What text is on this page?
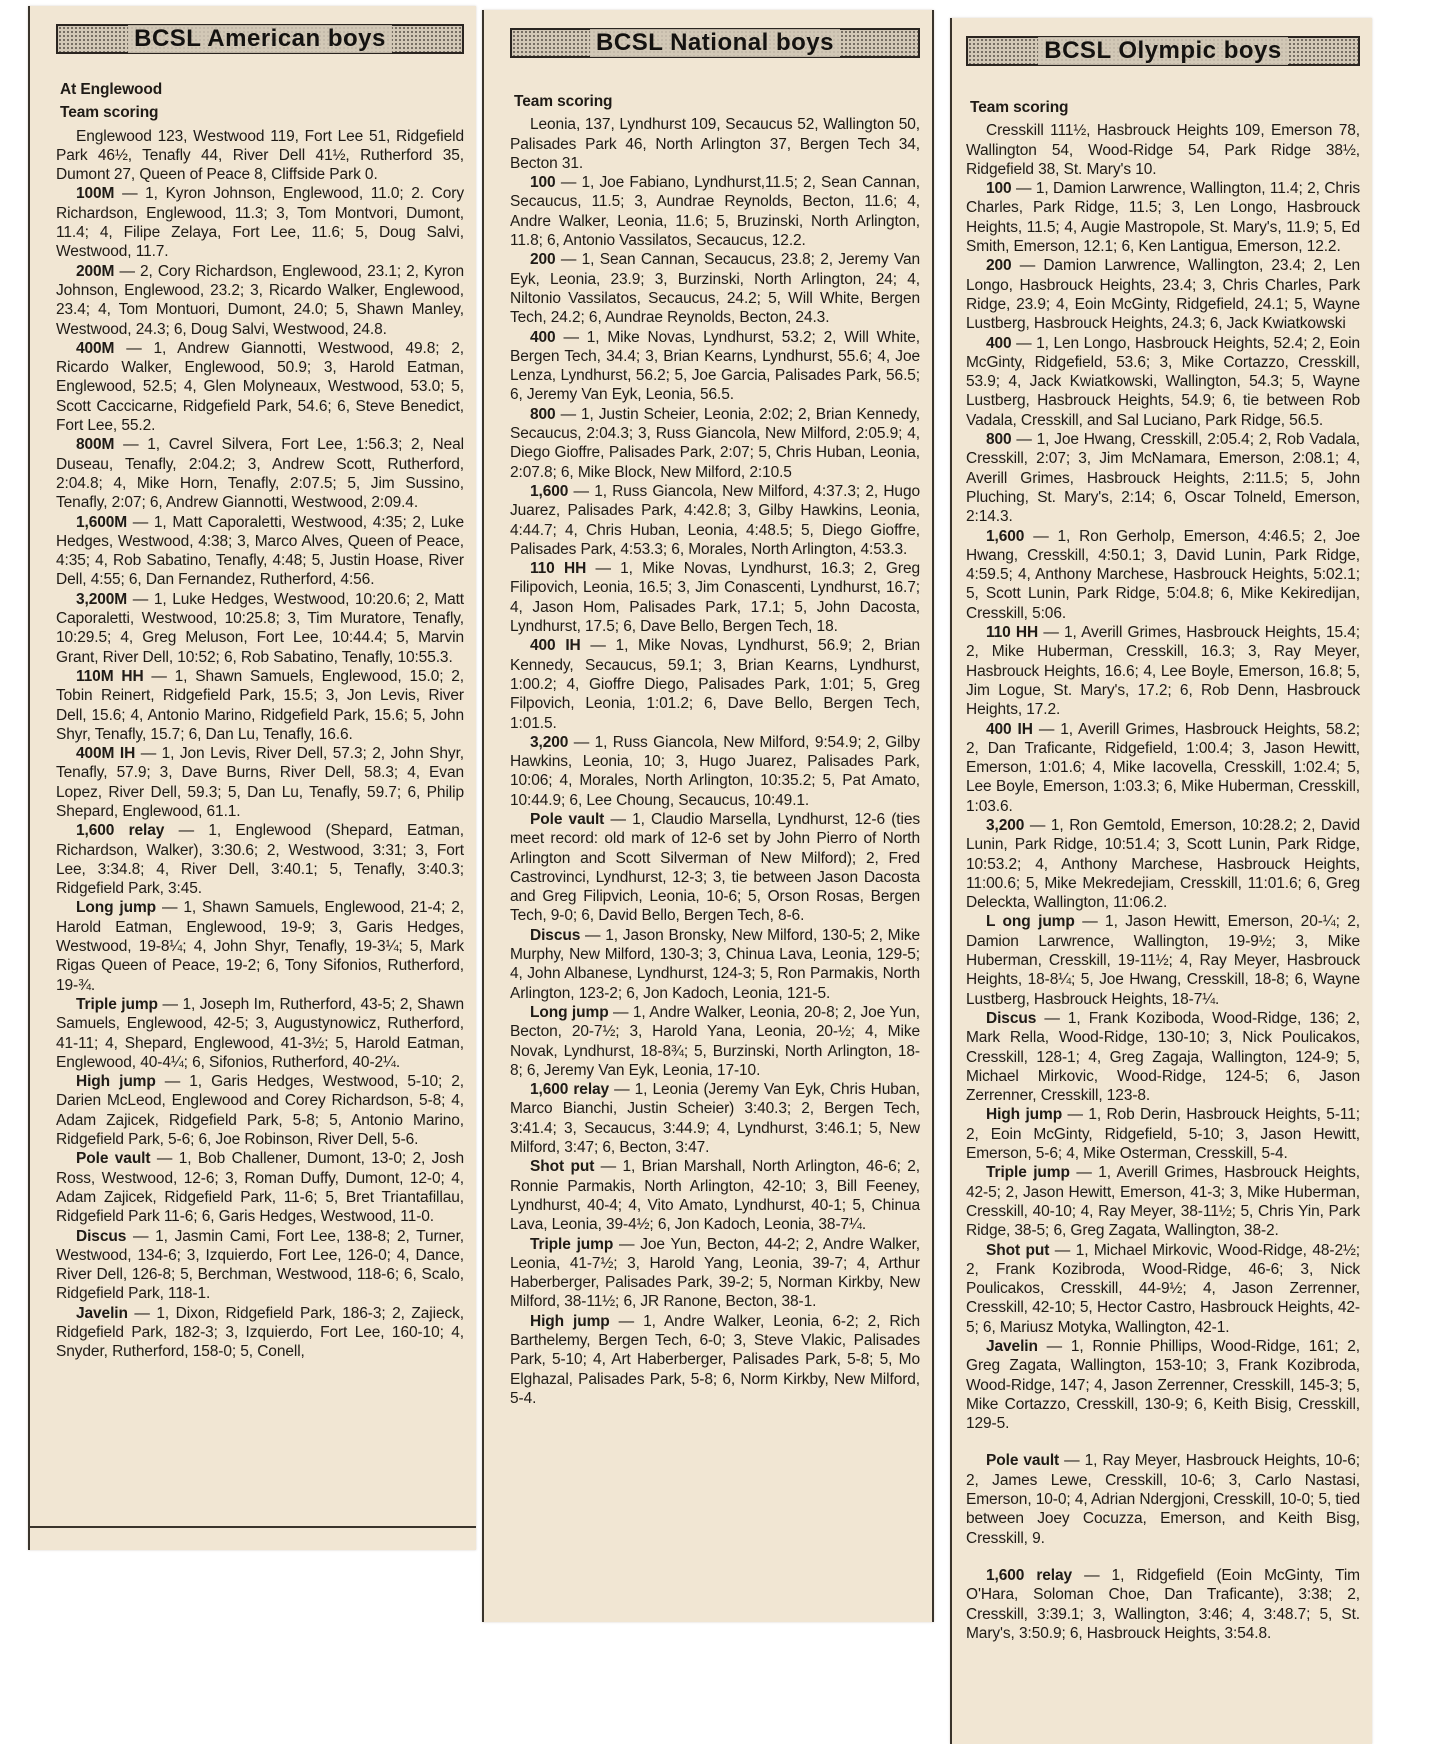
BCSL American boys
At Englewood
Team scoring

Englewood 123, Westwood 119, Fort Lee 51, Ridgefield Park 46½, Tenafly 44, River Dell 41½, Rutherford 35, Dumont 27, Queen of Peace 8, Cliffside Park 0.

100M — 1, Kyron Johnson, Englewood, 11.0; 2. Cory Richardson, Englewood, 11.3; 3, Tom Montvori, Dumont, 11.4; 4, Filipe Zelaya, Fort Lee, 11.6; 5, Doug Salvi, Westwood, 11.7.

200M — 2, Cory Richardson, Englewood, 23.1; 2, Kyron Johnson, Englewood, 23.2; 3, Ricardo Walker, Englewood, 23.4; 4, Tom Montuori, Dumont, 24.0; 5, Shawn Manley, Westwood, 24.3; 6, Doug Salvi, Westwood, 24.8.

400M — 1, Andrew Giannotti, Westwood, 49.8; 2, Ricardo Walker, Englewood, 50.9; 3, Harold Eatman, Englewood, 52.5; 4, Glen Molyneaux, Westwood, 53.0; 5, Scott Caccicarne, Ridgefield Park, 54.6; 6, Steve Benedict, Fort Lee, 55.2.

800M — 1, Cavrel Silvera, Fort Lee, 1:56.3; 2, Neal Duseau, Tenafly, 2:04.2; 3, Andrew Scott, Rutherford, 2:04.8; 4, Mike Horn, Tenafly, 2:07.5; 5, Jim Sussino, Tenafly, 2:07; 6, Andrew Giannotti, Westwood, 2:09.4.

1,600M — 1, Matt Caporaletti, Westwood, 4:35; 2, Luke Hedges, Westwood, 4:38; 3, Marco Alves, Queen of Peace, 4:35; 4, Rob Sabatino, Tenafly, 4:48; 5, Justin Hoase, River Dell, 4:55; 6, Dan Fernandez, Rutherford, 4:56.

3,200M — 1, Luke Hedges, Westwood, 10:20.6; 2, Matt Caporaletti, Westwood, 10:25.8; 3, Tim Muratore, Tenafly, 10:29.5; 4, Greg Meluson, Fort Lee, 10:44.4; 5, Marvin Grant, River Dell, 10:52; 6, Rob Sabatino, Tenafly, 10:55.3.

110M HH — 1, Shawn Samuels, Englewood, 15.0; 2, Tobin Reinert, Ridgefield Park, 15.5; 3, Jon Levis, River Dell, 15.6; 4, Antonio Marino, Ridgefield Park, 15.6; 5, John Shyr, Tenafly, 15.7; 6, Dan Lu, Tenafly, 16.6.

400M IH — 1, Jon Levis, River Dell, 57.3; 2, John Shyr, Tenafly, 57.9; 3, Dave Burns, River Dell, 58.3; 4, Evan Lopez, River Dell, 59.3; 5, Dan Lu, Tenafly, 59.7; 6, Philip Shepard, Englewood, 61.1.

1,600 relay — 1, Englewood (Shepard, Eatman, Richardson, Walker), 3:30.6; 2, Westwood, 3:31; 3, Fort Lee, 3:34.8; 4, River Dell, 3:40.1; 5, Tenafly, 3:40.3; Ridgefield Park, 3:45.

Long jump — 1, Shawn Samuels, Englewood, 21-4; 2, Harold Eatman, Englewood, 19-9; 3, Garis Hedges, Westwood, 19-8¼; 4, John Shyr, Tenafly, 19-3¼; 5, Mark Rigas Queen of Peace, 19-2; 6, Tony Sifonios, Rutherford, 19-¾.

Triple jump — 1, Joseph Im, Rutherford, 43-5; 2, Shawn Samuels, Englewood, 42-5; 3, Augustynowicz, Rutherford, 41-11; 4, Shepard, Englewood, 41-3½; 5, Harold Eatman, Englewood, 40-4¼; 6, Sifonios, Rutherford, 40-2¼.

High jump — 1, Garis Hedges, Westwood, 5-10; 2, Darien McLeod, Englewood and Corey Richardson, 5-8; 4, Adam Zajicek, Ridgefield Park, 5-8; 5, Antonio Marino, Ridgefield Park, 5-6; 6, Joe Robinson, River Dell, 5-6.

Pole vault — 1, Bob Challener, Dumont, 13-0; 2, Josh Ross, Westwood, 12-6; 3, Roman Duffy, Dumont, 12-0; 4, Adam Zajicek, Ridgefield Park, 11-6; 5, Bret Triantafillau, Ridgefield Park 11-6; 6, Garis Hedges, Westwood, 11-0.

Discus — 1, Jasmin Cami, Fort Lee, 138-8; 2, Turner, Westwood, 134-6; 3, Izquierdo, Fort Lee, 126-0; 4, Dance, River Dell, 126-8; 5, Berchman, Westwood, 118-6; 6, Scalo, Ridgefield Park, 118-1.

Javelin — 1, Dixon, Ridgefield Park, 186-3; 2, Zajieck, Ridgefield Park, 182-3; 3, Izquierdo, Fort Lee, 160-10; 4, Snyder, Rutherford, 158-0; 5, Conell,

BCSL National boys
Team scoring

Leonia, 137, Lyndhurst 109, Secaucus 52, Wallington 50, Palisades Park 46, North Arlington 37, Bergen Tech 34, Becton 31.

100 — 1, Joe Fabiano, Lyndhurst,11.5; 2, Sean Cannan, Secaucus, 11.5; 3, Aundrae Reynolds, Becton, 11.6; 4, Andre Walker, Leonia, 11.6; 5, Bruzinski, North Arlington, 11.8; 6, Antonio Vassilatos, Secaucus, 12.2.

200 — 1, Sean Cannan, Secaucus, 23.8; 2, Jeremy Van Eyk, Leonia, 23.9; 3, Burzinski, North Arlington, 24; 4, Niltonio Vassilatos, Secaucus, 24.2; 5, Will White, Bergen Tech, 24.2; 6, Aundrae Reynolds, Becton, 24.3.

400 — 1, Mike Novas, Lyndhurst, 53.2; 2, Will White, Bergen Tech, 34.4; 3, Brian Kearns, Lyndhurst, 55.6; 4, Joe Lenza, Lyndhurst, 56.2; 5, Joe Garcia, Palisades Park, 56.5; 6, Jeremy Van Eyk, Leonia, 56.5.

800 — 1, Justin Scheier, Leonia, 2:02; 2, Brian Kennedy, Secaucus, 2:04.3; 3, Russ Giancola, New Milford, 2:05.9; 4, Diego Gioffre, Palisades Park, 2:07; 5, Chris Huban, Leonia, 2:07.8; 6, Mike Block, New Milford, 2:10.5

1,600 — 1, Russ Giancola, New Milford, 4:37.3; 2, Hugo Juarez, Palisades Park, 4:42.8; 3, Gilby Hawkins, Leonia, 4:44.7; 4, Chris Huban, Leonia, 4:48.5; 5, Diego Gioffre, Palisades Park, 4:53.3; 6, Morales, North Arlington, 4:53.3.

110 HH — 1, Mike Novas, Lyndhurst, 16.3; 2, Greg Filipovich, Leonia, 16.5; 3, Jim Conascenti, Lyndhurst, 16.7; 4, Jason Hom, Palisades Park, 17.1; 5, John Dacosta, Lyndhurst, 17.5; 6, Dave Bello, Bergen Tech, 18.

400 IH — 1, Mike Novas, Lyndhurst, 56.9; 2, Brian Kennedy, Secaucus, 59.1; 3, Brian Kearns, Lyndhurst, 1:00.2; 4, Gioffre Diego, Palisades Park, 1:01; 5, Greg Filpovich, Leonia, 1:01.2; 6, Dave Bello, Bergen Tech, 1:01.5.

3,200 — 1, Russ Giancola, New Milford, 9:54.9; 2, Gilby Hawkins, Leonia, 10; 3, Hugo Juarez, Palisades Park, 10:06; 4, Morales, North Arlington, 10:35.2; 5, Pat Amato, 10:44.9; 6, Lee Choung, Secaucus, 10:49.1.

Pole vault — 1, Claudio Marsella, Lyndhurst, 12-6 (ties meet record: old mark of 12-6 set by John Pierro of North Arlington and Scott Silverman of New Milford); 2, Fred Castrovinci, Lyndhurst, 12-3; 3, tie between Jason Dacosta and Greg Filipvich, Leonia, 10-6; 5, Orson Rosas, Bergen Tech, 9-0; 6, David Bello, Bergen Tech, 8-6.

Discus — 1, Jason Bronsky, New Milford, 130-5; 2, Mike Murphy, New Milford, 130-3; 3, Chinua Lava, Leonia, 129-5; 4, John Albanese, Lyndhurst, 124-3; 5, Ron Parmakis, North Arlington, 123-2; 6, Jon Kadoch, Leonia, 121-5.

Long jump — 1, Andre Walker, Leonia, 20-8; 2, Joe Yun, Becton, 20-7½; 3, Harold Yana, Leonia, 20-½; 4, Mike Novak, Lyndhurst, 18-8¾; 5, Burzinski, North Arlington, 18-8; 6, Jeremy Van Eyk, Leonia, 17-10.

1,600 relay — 1, Leonia (Jeremy Van Eyk, Chris Huban, Marco Bianchi, Justin Scheier) 3:40.3; 2, Bergen Tech, 3:41.4; 3, Secaucus, 3:44.9; 4, Lyndhurst, 3:46.1; 5, New Milford, 3:47; 6, Becton, 3:47.

Shot put — 1, Brian Marshall, North Arlington, 46-6; 2, Ronnie Parmakis, North Arlington, 42-10; 3, Bill Feeney, Lyndhurst, 40-4; 4, Vito Amato, Lyndhurst, 40-1; 5, Chinua Lava, Leonia, 39-4½; 6, Jon Kadoch, Leonia, 38-7¼.

Triple jump — Joe Yun, Becton, 44-2; 2, Andre Walker, Leonia, 41-7½; 3, Harold Yang, Leonia, 39-7; 4, Arthur Haberberger, Palisades Park, 39-2; 5, Norman Kirkby, New Milford, 38-11½; 6, JR Ranone, Becton, 38-1.

High jump — 1, Andre Walker, Leonia, 6-2; 2, Rich Barthelemy, Bergen Tech, 6-0; 3, Steve Vlakic, Palisades Park, 5-10; 4, Art Haberberger, Palisades Park, 5-8; 5, Mo Elghazal, Palisades Park, 5-8; 6, Norm Kirkby, New Milford, 5-4.

BCSL Olympic boys
Team scoring

Cresskill 111½, Hasbrouck Heights 109, Emerson 78, Wallington 54, Wood-Ridge 54, Park Ridge 38½, Ridgefield 38, St. Mary's 10.

100 — 1, Damion Larwrence, Wallington, 11.4; 2, Chris Charles, Park Ridge, 11.5; 3, Len Longo, Hasbrouck Heights, 11.5; 4, Augie Mastropole, St. Mary's, 11.9; 5, Ed Smith, Emerson, 12.1; 6, Ken Lantigua, Emerson, 12.2.

200 — Damion Larwrence, Wallington, 23.4; 2, Len Longo, Hasbrouck Heights, 23.4; 3, Chris Charles, Park Ridge, 23.9; 4, Eoin McGinty, Ridgefield, 24.1; 5, Wayne Lustberg, Hasbrouck Heights, 24.3; 6, Jack Kwiatkowski

400 — 1, Len Longo, Hasbrouck Heights, 52.4; 2, Eoin McGinty, Ridgefield, 53.6; 3, Mike Cortazzo, Cresskill, 53.9; 4, Jack Kwiatkowski, Wallington, 54.3; 5, Wayne Lustberg, Hasbrouck Heights, 54.9; 6, tie between Rob Vadala, Cresskill, and Sal Luciano, Park Ridge, 56.5.

800 — 1, Joe Hwang, Cresskill, 2:05.4; 2, Rob Vadala, Cresskill, 2:07; 3, Jim McNamara, Emerson, 2:08.1; 4, Averill Grimes, Hasbrouck Heights, 2:11.5; 5, John Pluching, St. Mary's, 2:14; 6, Oscar Tolneld, Emerson, 2:14.3.

1,600 — 1, Ron Gerholp, Emerson, 4:46.5; 2, Joe Hwang, Cresskill, 4:50.1; 3, David Lunin, Park Ridge, 4:59.5; 4, Anthony Marchese, Hasbrouck Heights, 5:02.1; 5, Scott Lunin, Park Ridge, 5:04.8; 6, Mike Kekiredijan, Cresskill, 5:06.

110 HH — 1, Averill Grimes, Hasbrouck Heights, 15.4; 2, Mike Huberman, Cresskill, 16.3; 3, Ray Meyer, Hasbrouck Heights, 16.6; 4, Lee Boyle, Emerson, 16.8; 5, Jim Logue, St. Mary's, 17.2; 6, Rob Denn, Hasbrouck Heights, 17.2.

400 IH — 1, Averill Grimes, Hasbrouck Heights, 58.2; 2, Dan Traficante, Ridgefield, 1:00.4; 3, Jason Hewitt, Emerson, 1:01.6; 4, Mike Iacovella, Cresskill, 1:02.4; 5, Lee Boyle, Emerson, 1:03.3; 6, Mike Huberman, Cresskill, 1:03.6.

3,200 — 1, Ron Gemtold, Emerson, 10:28.2; 2, David Lunin, Park Ridge, 10:51.4; 3, Scott Lunin, Park Ridge, 10:53.2; 4, Anthony Marchese, Hasbrouck Heights, 11:00.6; 5, Mike Mekredejiam, Cresskill, 11:01.6; 6, Greg Deleckta, Wallington, 11:06.2.

L ong jump — 1, Jason Hewitt, Emerson, 20-¼; 2, Damion Larwrence, Wallington, 19-9½; 3, Mike Huberman, Cresskill, 19-11½; 4, Ray Meyer, Hasbrouck Heights, 18-8¼; 5, Joe Hwang, Cresskill, 18-8; 6, Wayne Lustberg, Hasbrouck Heights, 18-7¼.

Discus — 1, Frank Koziboda, Wood-Ridge, 136; 2, Mark Rella, Wood-Ridge, 130-10; 3, Nick Poulicakos, Cresskill, 128-1; 4, Greg Zagaja, Wallington, 124-9; 5, Michael Mirkovic, Wood-Ridge, 124-5; 6, Jason Zerrenner, Cresskill, 123-8.

High jump — 1, Rob Derin, Hasbrouck Heights, 5-11; 2, Eoin McGinty, Ridgefield, 5-10; 3, Jason Hewitt, Emerson, 5-6; 4, Mike Osterman, Cresskill, 5-4.

Triple jump — 1, Averill Grimes, Hasbrouck Heights, 42-5; 2, Jason Hewitt, Emerson, 41-3; 3, Mike Huberman, Cresskill, 40-10; 4, Ray Meyer, 38-11½; 5, Chris Yin, Park Ridge, 38-5; 6, Greg Zagata, Wallington, 38-2.

Shot put — 1, Michael Mirkovic, Wood-Ridge, 48-2½; 2, Frank Kozibroda, Wood-Ridge, 46-6; 3, Nick Poulicakos, Cresskill, 44-9½; 4, Jason Zerrenner, Cresskill, 42-10; 5, Hector Castro, Hasbrouck Heights, 42-5; 6, Mariusz Motyka, Wallington, 42-1.

Javelin — 1, Ronnie Phillips, Wood-Ridge, 161; 2, Greg Zagata, Wallington, 153-10; 3, Frank Kozibroda, Wood-Ridge, 147; 4, Jason Zerrenner, Cresskill, 145-3; 5, Mike Cortazzo, Cresskill, 130-9; 6, Keith Bisig, Cresskill, 129-5.

Pole vault — 1, Ray Meyer, Hasbrouck Heights, 10-6; 2, James Lewe, Cresskill, 10-6; 3, Carlo Nastasi, Emerson, 10-0; 4, Adrian Ndergjoni, Cresskill, 10-0; 5, tied between Joey Cocuzza, Emerson, and Keith Bisg, Cresskill, 9.

1,600 relay — 1, Ridgefield (Eoin McGinty, Tim O'Hara, Soloman Choe, Dan Traficante), 3:38; 2, Cresskill, 3:39.1; 3, Wallington, 3:46; 4, 3:48.7; 5, St. Mary's, 3:50.9; 6, Hasbrouck Heights, 3:54.8.
